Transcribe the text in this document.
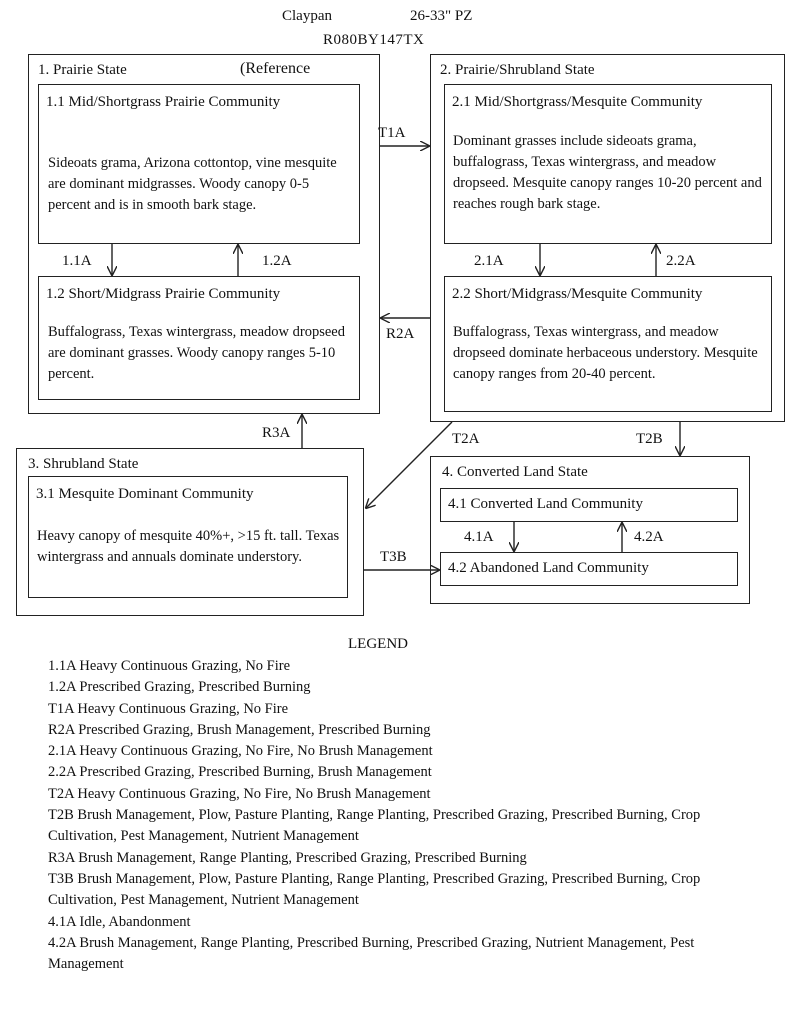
Claypan	26-33" PZ
R080BY147TX
1. Prairie State	(Reference
1.1 Mid/Shortgrass Prairie Community
Sideoats grama, Arizona cottontop, vine mesquite are dominant midgrasses. Woody canopy 0-5 percent and is in smooth bark stage.
1.2 Short/Midgrass Prairie Community
Buffalograss, Texas wintergrass, meadow dropseed are dominant grasses. Woody canopy ranges 5-10 percent.
2. Prairie/Shrubland State
2.1 Mid/Shortgrass/Mesquite Community
Dominant grasses include sideoats grama, buffalograss, Texas wintergrass, and meadow dropseed. Mesquite canopy ranges 10-20 percent and reaches rough bark stage.
2.2 Short/Midgrass/Mesquite Community
Buffalograss, Texas wintergrass, and meadow dropseed dominate herbaceous understory. Mesquite canopy ranges from 20-40 percent.
3. Shrubland State
3.1 Mesquite Dominant Community
Heavy canopy of mesquite 40%+, >15 ft. tall. Texas wintergrass and annuals dominate understory.
4. Converted Land State
4.1 Converted Land Community
4.2 Abandoned Land Community
1.1A	1.2A
T1A
R2A
2.1A	2.2A
R3A	T2A	T2B
T3B
4.1A	4.2A
LEGEND
1.1A Heavy Continuous Grazing, No Fire
1.2A Prescribed Grazing, Prescribed Burning
T1A Heavy Continuous Grazing, No Fire
R2A Prescribed Grazing, Brush Management, Prescribed Burning
2.1A Heavy Continuous Grazing, No Fire, No Brush Management
2.2A Prescribed Grazing, Prescribed Burning, Brush Management
T2A Heavy Continuous Grazing, No Fire, No Brush Management
T2B Brush Management, Plow, Pasture Planting, Range Planting, Prescribed Grazing, Prescribed Burning, Crop Cultivation, Pest Management, Nutrient Management
R3A Brush Management, Range Planting, Prescribed Grazing, Prescribed Burning
T3B Brush Management, Plow, Pasture Planting, Range Planting, Prescribed Grazing, Prescribed Burning, Crop Cultivation, Pest Management, Nutrient Management
4.1A Idle, Abandonment
4.2A Brush Management, Range Planting, Prescribed Burning, Prescribed Grazing, Nutrient Management, Pest Management
